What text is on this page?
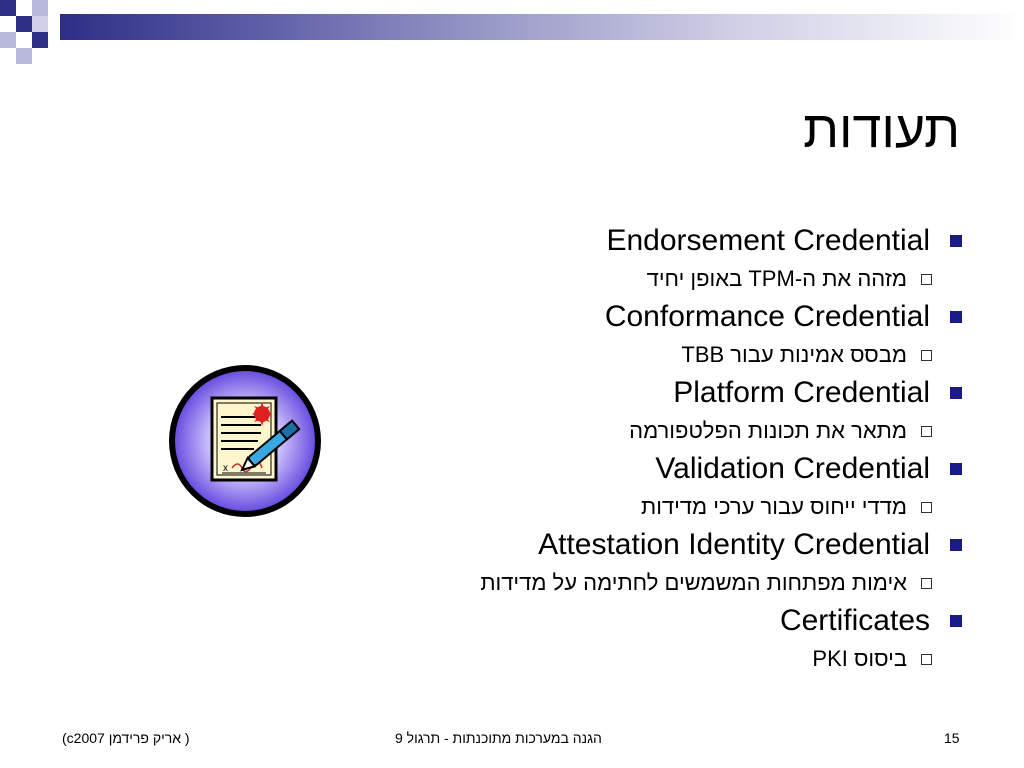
תעודות
Endorsement Credential
מזהה את ה-TPM באופן יחיד
Conformance Credential
מבסס אמינות עבור TBB
Platform Credential
מתאר את תכונות הפלטפורמה
Validation Credential
מדדי ייחוס עבור ערכי מדידות
Attestation Identity Credential
אימות מפתחות המשמשים לחתימה על מדידות
Certificates
ביסוס PKI
x
(c2007 אריק פרידמן )	הגנה במערכות מתוכנתות - תרגול 9	15
